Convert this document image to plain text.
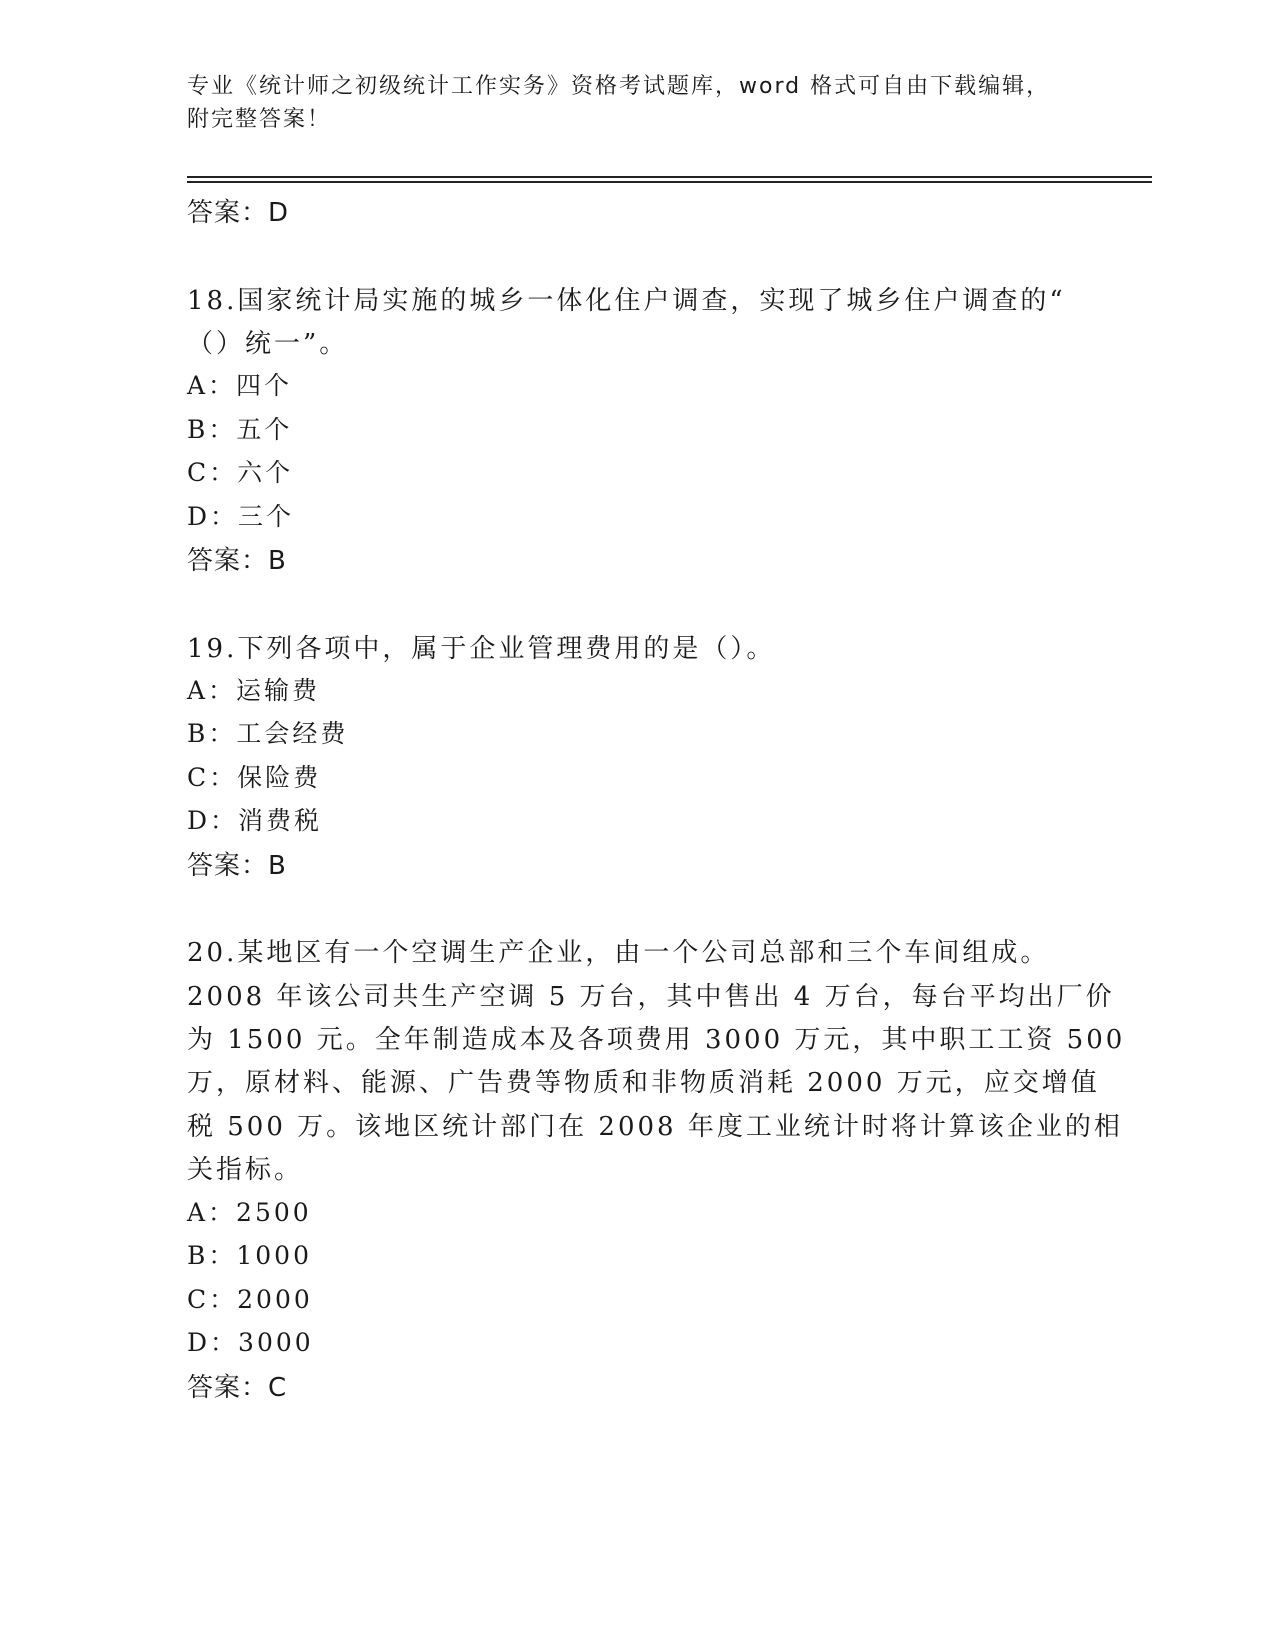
专业《统计师之初级统计工作实务》资格考试题库，word 格式可自由下载编辑，
附完整答案！
答案：D
18.国家统计局实施的城乡一体化住户调查，实现了城乡住户调查的“
（）统一”。
A：四个
B：五个
C：六个
D：三个
答案：B
19.下列各项中，属于企业管理费用的是（）。
A：运输费
B：工会经费
C：保险费
D：消费税
答案：B
20.某地区有一个空调生产企业，由一个公司总部和三个车间组成。
2008 年该公司共生产空调 5 万台，其中售出 4 万台，每台平均出厂价
为 1500 元。全年制造成本及各项费用 3000 万元，其中职工工资 500
万，原材料、能源、广告费等物质和非物质消耗 2000 万元，应交增值
税 500 万。该地区统计部门在 2008 年度工业统计时将计算该企业的相
关指标。
A：2500
B：1000
C：2000
D：3000
答案：C
